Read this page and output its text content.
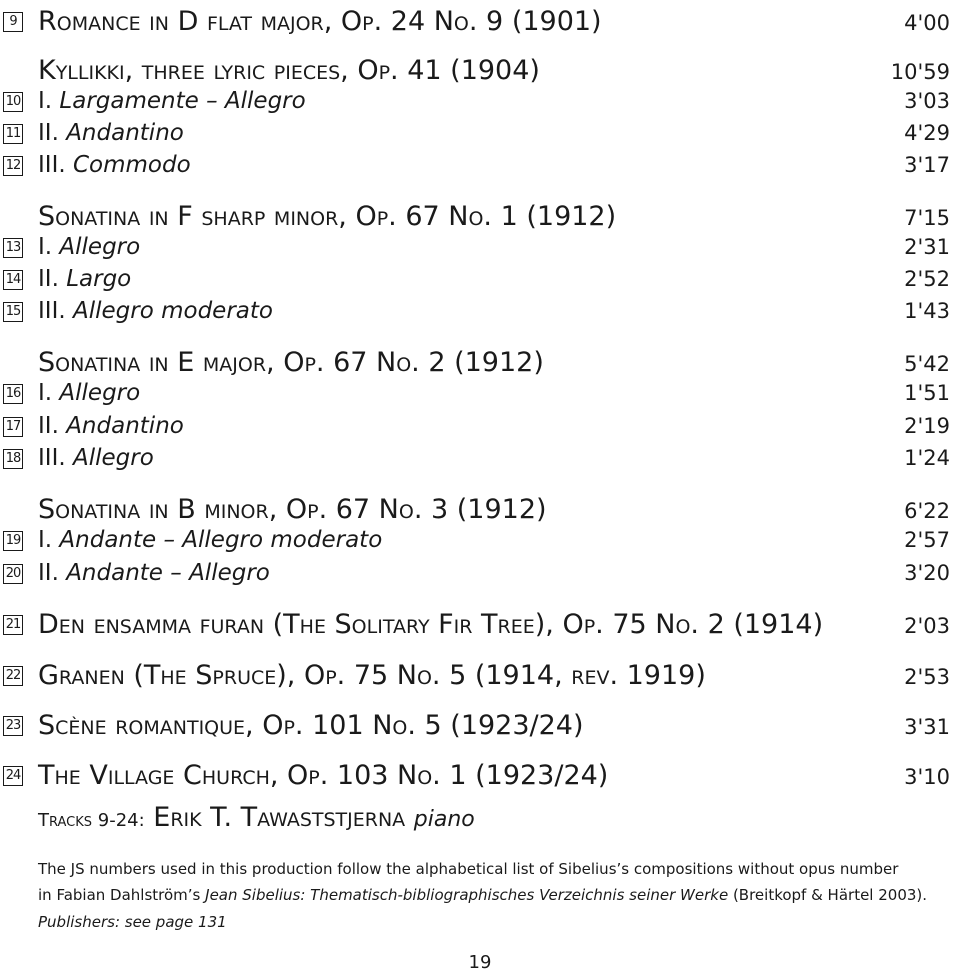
9 Romance in D flat major, Op. 24 No. 9 (1901)	4'00
Kyllikki, three lyric pieces, Op. 41 (1904)	10'59
10 I. Largamente – Allegro	3'03
11 II. Andantino	4'29
12 III. Commodo	3'17
Sonatina in F sharp minor, Op. 67 No. 1 (1912)	7'15
13 I. Allegro	2'31
14 II. Largo	2'52
15 III. Allegro moderato	1'43
Sonatina in E major, Op. 67 No. 2 (1912)	5'42
16 I. Allegro	1'51
17 II. Andantino	2'19
18 III. Allegro	1'24
Sonatina in B minor, Op. 67 No. 3 (1912)	6'22
19 I. Andante – Allegro moderato	2'57
20 II. Andante – Allegro	3'20
21 Den ensamma furan (The Solitary Fir Tree), Op. 75 No. 2 (1914)	2'03
22 Granen (The Spruce), Op. 75 No. 5 (1914, rev. 1919)	2'53
23 Scène romantique, Op. 101 No. 5 (1923/24)	3'31
24 The Village Church, Op. 103 No. 1 (1923/24)	3'10
Tracks 9-24: Erik T. Tawaststjerna piano
The JS numbers used in this production follow the alphabetical list of Sibelius’s compositions without opus number
in Fabian Dahlström’s Jean Sibelius: Thematisch-bibliographisches Verzeichnis seiner Werke (Breitkopf & Härtel 2003).
Publishers: see page 131
19
